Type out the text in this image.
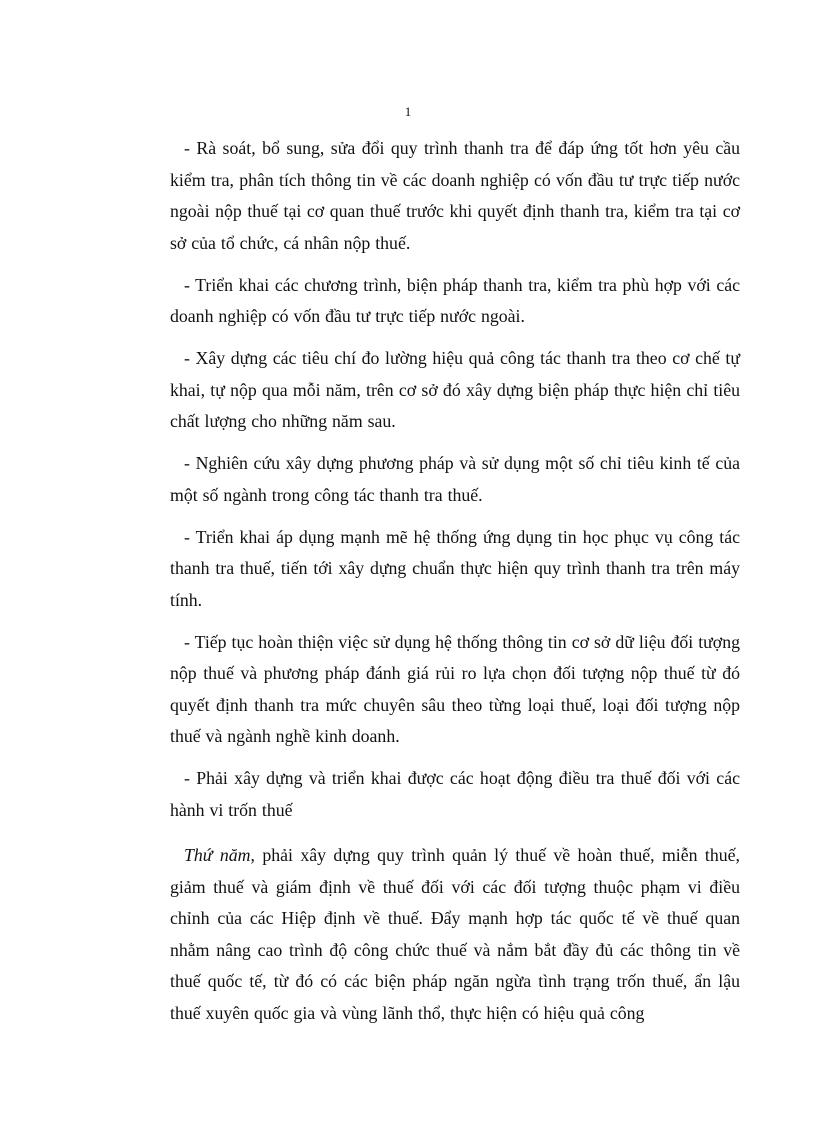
1

- Rà soát, bổ sung, sửa đổi quy trình thanh tra để đáp ứng tốt hơn yêu cầu kiểm tra, phân tích thông tin về các doanh nghiệp có vốn đầu tư trực tiếp nước ngoài nộp thuế tại cơ quan thuế trước khi quyết định thanh tra, kiểm tra tại cơ sở của tổ chức, cá nhân nộp thuế.

- Triển khai các chương trình, biện pháp thanh tra, kiểm tra phù hợp với các doanh nghiệp có vốn đầu tư trực tiếp nước ngoài.

- Xây dựng các tiêu chí đo lường hiệu quả công tác thanh tra theo cơ chế tự khai, tự nộp qua mỗi năm, trên cơ sở đó xây dựng biện pháp thực hiện chỉ tiêu chất lượng cho những năm sau.

- Nghiên cứu xây dựng phương pháp và sử dụng một số chỉ tiêu kinh tế của một số ngành trong công tác thanh tra thuế.

- Triển khai áp dụng mạnh mẽ hệ thống ứng dụng tin học phục vụ công tác thanh tra thuế, tiến tới xây dựng chuẩn thực hiện quy trình thanh tra trên máy tính.

- Tiếp tục hoàn thiện việc sử dụng hệ thống thông tin cơ sở dữ liệu đối tượng nộp thuế và phương pháp đánh giá rủi ro lựa chọn đối tượng nộp thuế từ đó quyết định thanh tra mức chuyên sâu theo từng loại thuế, loại đối tượng nộp thuế và ngành nghề kinh doanh.

- Phải xây dựng và triển khai được các hoạt động điều tra thuế đối với các hành vi trốn thuế

Thứ năm, phải xây dựng quy trình quản lý thuế về hoàn thuế, miễn thuế, giảm thuế và giám định về thuế đối với các đối tượng thuộc phạm vi điều chỉnh của các Hiệp định về thuế. Đẩy mạnh hợp tác quốc tế về thuế quan nhằm nâng cao trình độ công chức thuế và nắm bắt đầy đủ các thông tin về thuế quốc tế, từ đó có các biện pháp ngăn ngừa tình trạng trốn thuế, ẩn lậu thuế xuyên quốc gia và vùng lãnh thổ, thực hiện có hiệu quả công
